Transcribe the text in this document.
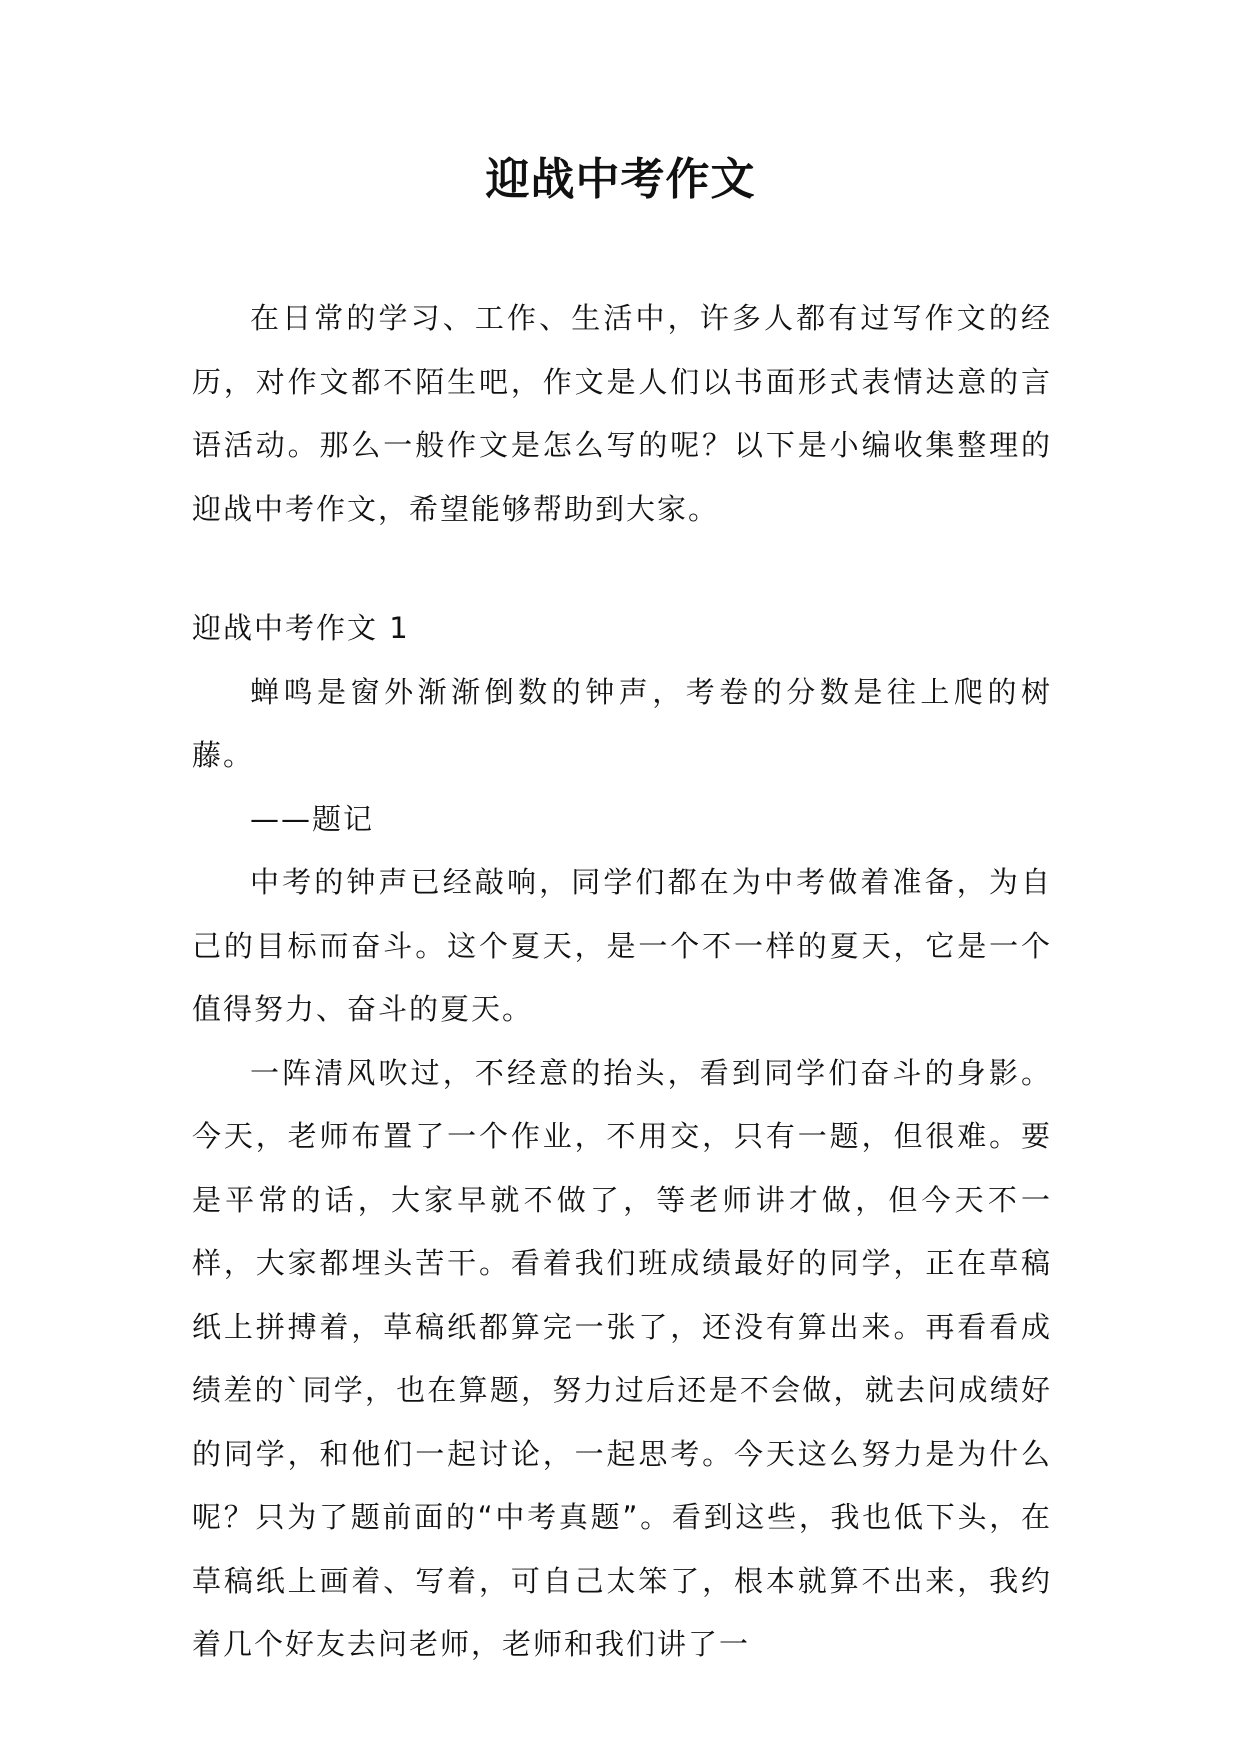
迎战中考作文

在日常的学习、工作、生活中，许多人都有过写作文的经历，对作文都不陌生吧，作文是人们以书面形式表情达意的言语活动。那么一般作文是怎么写的呢？以下是小编收集整理的迎战中考作文，希望能够帮助到大家。

迎战中考作文 1

蝉鸣是窗外渐渐倒数的钟声，考卷的分数是往上爬的树藤。

——题记

中考的钟声已经敲响，同学们都在为中考做着准备，为自己的目标而奋斗。这个夏天，是一个不一样的夏天，它是一个值得努力、奋斗的夏天。

一阵清风吹过，不经意的抬头，看到同学们奋斗的身影。今天，老师布置了一个作业，不用交，只有一题，但很难。要是平常的话，大家早就不做了，等老师讲才做，但今天不一样，大家都埋头苦干。看着我们班成绩最好的同学，正在草稿纸上拼搏着，草稿纸都算完一张了，还没有算出来。再看看成绩差的`同学，也在算题，努力过后还是不会做，就去问成绩好的同学，和他们一起讨论，一起思考。今天这么努力是为什么呢？只为了题前面的“中考真题”。看到这些，我也低下头，在草稿纸上画着、写着，可自己太笨了，根本就算不出来，我约着几个好友去问老师，老师和我们讲了一
